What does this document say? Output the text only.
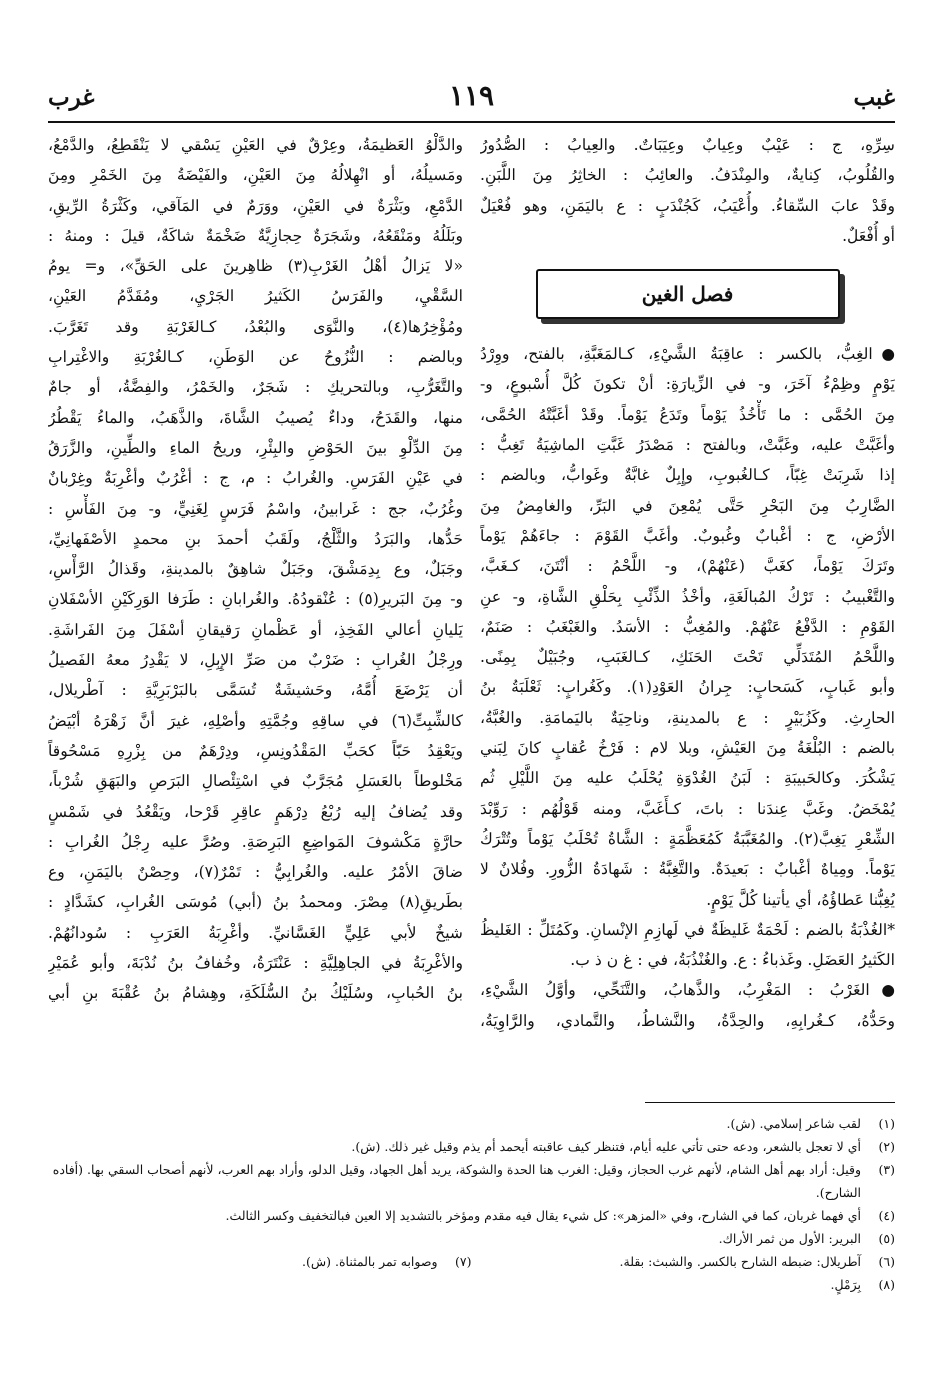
غبب
١١٩
غرب
سِرِّهِ، ج : عَيْبٌ وعِيابٌ وعِيَبَاتٌ. والعِيابُ : الصُّدُورُ
والقُلُوبُ، كِنايةٌ، والمِنْدَفُ. والعائِبُ : الخاثِرُ مِنَ اللَّبَنِ.
وقَدْ عابَ السِّقاءُ. وأُعْيَبُ، كَجُنْدَبٍ : ع باليَمَنِ، وهو فُعْيَلٌ
أو أُفْعَلٌ.
فصل الغين
●الغِبُّ، بالكسر : عاقِبَةُ الشَّيْءِ، كـالمَغَبَّةِ، بالفتح، ووِرْدُ
يَوْمٍ وظِمْءُ آخَرَ، و- في الزِّيارَةِ: أنْ تكونَ كُلَّ أُسْبوعٍ، و-
مِنَ الحُمَّى : ما تَأْخُذُ يَوْماً وتَدَعُ يَوْماً. وقَدْ أغَبَّتْهُ الحُمَّى،
وأغَبَّتْ عليه، وغَبَّتْ، وبالفتح : مَصْدَرُ غَبَّتِ الماشِيَةُ تَغِبُّ :
إذا شَرِبَتْ غِبّاً، كـالغُبوبِ، وإِبِلٌ غابَّةٌ وغَوابُّ، وبالضم :
الضَّارِبُ مِنَ البَحْرِ حَتَّى يُمْعِنَ في البَرِّ، والغامِضُ مِنَ
الأرْضِ، ج : أغْبابٌ وغُبوبٌ. وأغَبَّ القَوْمَ : جاءَهُمْ يَوْماً
وتَرَكَ يَوْماً، كغَبَّ (عَنْهُمْ)، و- اللَّحْمُ : أنْتَنَ، كـغَبَّ،
والتَّغْبيبُ : تَرْكُ المُبالَغَةِ، وأخْذُ الذِّئْبِ بِحَلْقِ الشَّاةِ، و- عنِ
القَوْمِ : الدَّفْعُ عَنْهُمْ. والمُغِبُّ : الأسَدُ. والغَبْغَبُ : صَنَمٌ،
واللَّحْمُ المُتَدَلِّي تَحْتَ الحَنَكِ، كـالغَبَبِ، وجُبَيْلٌ بِمِنًى.
وأبو غَبابٍ، كَسَحابٍ: جِرانُ العَوْدِ(١). وكَغُرابٍ: ثَعْلَبَةُ بنُ
الحارِثِ. وكَزُبَيْرٍ : ع بالمدينةِ، وناحِيَةٌ باليَمامَةِ. والغُبَّةُ،
بالضم : البُلْغَةُ مِنَ العَيْشِ، وبلا لام : فَرْخُ عُقابٍ كانَ لِبَني
يَشْكُرَ. وكالحَبيبَةِ : لَبَنُ الغُدْوَةِ يُحْلَبُ عليه مِنَ اللَّيْلِ ثُم
يُمْخَضُ. وغَبَّ عِندَنا : باتَ، كـأَغَبَّ، ومنه قَوْلُهُم : رَوِّبْدَ
الشِّعْرِ يَغِبَّ(٢). والمُغَبَّبَةُ كَمُعَظَّمَةٍ : الشَّاةُ تُحْلَبُ يَوْماً وتُتْرَكُ
يَوْماً. ومِياهٌ أغْبابٌ : بَعيدَةٌ. والتَّغِبَّةُ : شَهادَةُ الزُّورِ. وفُلانٌ لا
يُغِبُّنا عَطاؤُهُ، أي يأتينا كُلَّ يَوْمٍ.
*الغُذْبَةُ بالضم : لَحْمَةٌ غَليظَةٌ في لَهازِمِ الإنْسانِ. وكَمُتَلِّ : الغَليظُ
الكَثيرُ العَضَلِ. وغَذباءُ : ع. والغُنْذُبَةُ، في : غ ن ذ ب.
●الغَرْبُ : المَغْرِبُ، والذَّهابُ، والتَّنَحِّي، وأوَّلُ الشَّيْءِ،
وحَدُّهُ، كـغُرابِهِ، والحِدَّةُ، والنَّشاطُ، والتَّمادي، والرَّاوِيَةُ،
والدَّلْوُ العَظيمَةُ، وعِرْقٌ في العَيْنِ يَسْقي لا يَنْقَطِعُ، والدَّمْعُ،
ومَسيلُهُ، أو انْهِلالُهُ مِنَ العَيْنِ، والفَيْضَةُ مِنَ الخَمْرِ ومِنَ
الدَّمْعِ، وبَثْرَةٌ في العَيْنِ، ووَرَمٌ في المَآقي، وكَثْرَةُ الرِّيقِ،
وبَلَلُهُ ومَنْقَعُهُ، وشَجَرَةٌ حِجازِيَّةٌ ضَخْمَةٌ شاكَةٌ، قيلَ : ومنهُ :
«لا يَزالُ أهْلُ الغَرْبِ(٣) ظاهِرينَ على الحَقِّ»، و= يومُ
السَّقْيِ، والفَرَسُ الكَثيرُ الجَرْيِ، ومُقَدَّمُ العَيْنِ،
ومُؤْخِرُها(٤)، والنَّوَى والبُعْدُ، كـالغَرْبَةِ وقد تَغَرَّبَ.
وبالضم : النُّزُوحُ عن الوَطَنِ، كـالغُرْبَةِ والاغْتِرابِ
والتَّغَرُّبِ، وبالتحريكِ : شَجَرٌ، والخَمْرُ، والفِضَّةُ، أو جامٌ
منها، والقَدَحُ، وداءٌ يُصيبُ الشَّاةَ، والذَّهَبُ، والماءُ يَقْطُرُ
مِنَ الدِّلْوِ بينَ الحَوْضِ والبِئْرِ، وريحُ الماءِ والطِّينِ، والزَّرَقُ
في عَيْنِ الفَرَسِ. والغُرابُ : م، ج : أغْرُبٌ وأغْرِبَةٌ وغِرْبانٌ
وغُرُبٌ، جج : غَرابينُ، واسْمُ فَرَسٍ لِغَنِيٍّ، و- مِنَ الفَأْسِ :
حَدُّها، والبَرَدُ والثَّلْجُ، ولَقَبُ أحمدَ بنِ محمدٍ الأصْفَهانِيِّ،
وجَبَلٌ، وع بِدِمَشْقَ، وجَبَلٌ شاهِقٌ بالمدينةِ، وقَذالُ الرَّأْسِ،
و- مِنَ البَريرِ(٥) : عُنْقودُهُ. والغُرابانِ : طَرَفا الوَرِكَيْنِ الأسْفَلانِ
يَليانِ أعالي الفَخِذِ، أو عَظْمانِ رَقيقانِ أسْفَلَ مِنَ الفَراشَةِ.
ورِجْلُ الغُرابِ : ضَرْبٌ من صَرِّ الإِبِلِ، لا يَقْدِرُ معهُ الفَصيلُ
أن يَرْضَعَ أُمَّهُ، وحَشيشَةٌ تُسَمَّى بالبَرْبَرِيَّةِ : آطْريلال،
كالشِّبِتِّ(٦) في ساقِهِ وجُمَّتِهِ وأصْلِهِ، غيرَ أنَّ زَهْرَهُ أبْيَضُ
ويَعْقِدُ حَبّاً كحَبِّ المَقْدُونِسِ، ودِرْهَمٌ من بِزْرِهِ مَسْحُوقاً
مَخْلوطاً بالعَسَلِ مُجَرَّبٌ في اسْتِئْصالِ البَرَصِ والبَهَقِ شُرْباً،
وقد يُضافُ إليه رُبْعُ دِرْهَمٍ عاقِرِ قَرْحا، ويَقْعُدُ في شَمْسٍ
حارَّةٍ مَكْشوفَ المَواضِعِ البَرِصَةِ. وصُرَّ عليه رِجْلُ الغُرابِ :
ضاقَ الأمْرُ عليه. والغُرابِيُّ : تَمْرٌ(٧)، وحِصْنٌ باليَمَنِ، وع
بطَريقِ(٨) مِصْرَ. ومحمدُ بنُ (أبي) مُوسَى الغُرابِ، كشَدَّادٍ :
شيخٌ لأبي عَلِيٍّ الغَسَّانيِّ. وأغْرِبَةُ العَرَبِ : سُودانُهُمْ.
والأغْرِبَةُ في الجاهِلِيَّةِ : عَنْتَرَةُ، وخُفافُ بنُ نُدْبَةَ، وأبو عُمَيْرِ
بنُ الحُبابِ، وسُلَيْكُ بنُ السُّلَكَةِ، وهِشامُ بنُ عُقْبَةَ بنِ أبي
(١)
لقب شاعر إسلامي. (ش).
(٢)
أي لا تعجل بالشعر، ودعه حتى تأتي عليه أيام، فتنظر كيف عاقبته أيحمد أم يذم وقيل غير ذلك. (ش).
(٣)
وقيل: أراد بهم أهل الشام، لأنهم غرب الحجاز، وقيل: الغرب هنا الحدة والشوكة، يريد أهل الجهاد، وقيل الدلو، وأراد بهم العرب، لأنهم أصحاب السقي بها. (أفاده الشارح).
(٤)
أي فهما غربان، كما في الشارح، وفي «المزهر»: كل شيء يقال فيه مقدم ومؤخر بالتشديد إلا العين فبالتخفيف وكسر الثالث.
(٥)
البرير: الأول من ثمر الأراك.
(٦)
آطريلال: ضبطه الشارح بالكسر. والشبث: بقلة.
(٧)
وصوابه تمر بالمثناة. (ش).
(٨)
بِرَمْلٍ.
